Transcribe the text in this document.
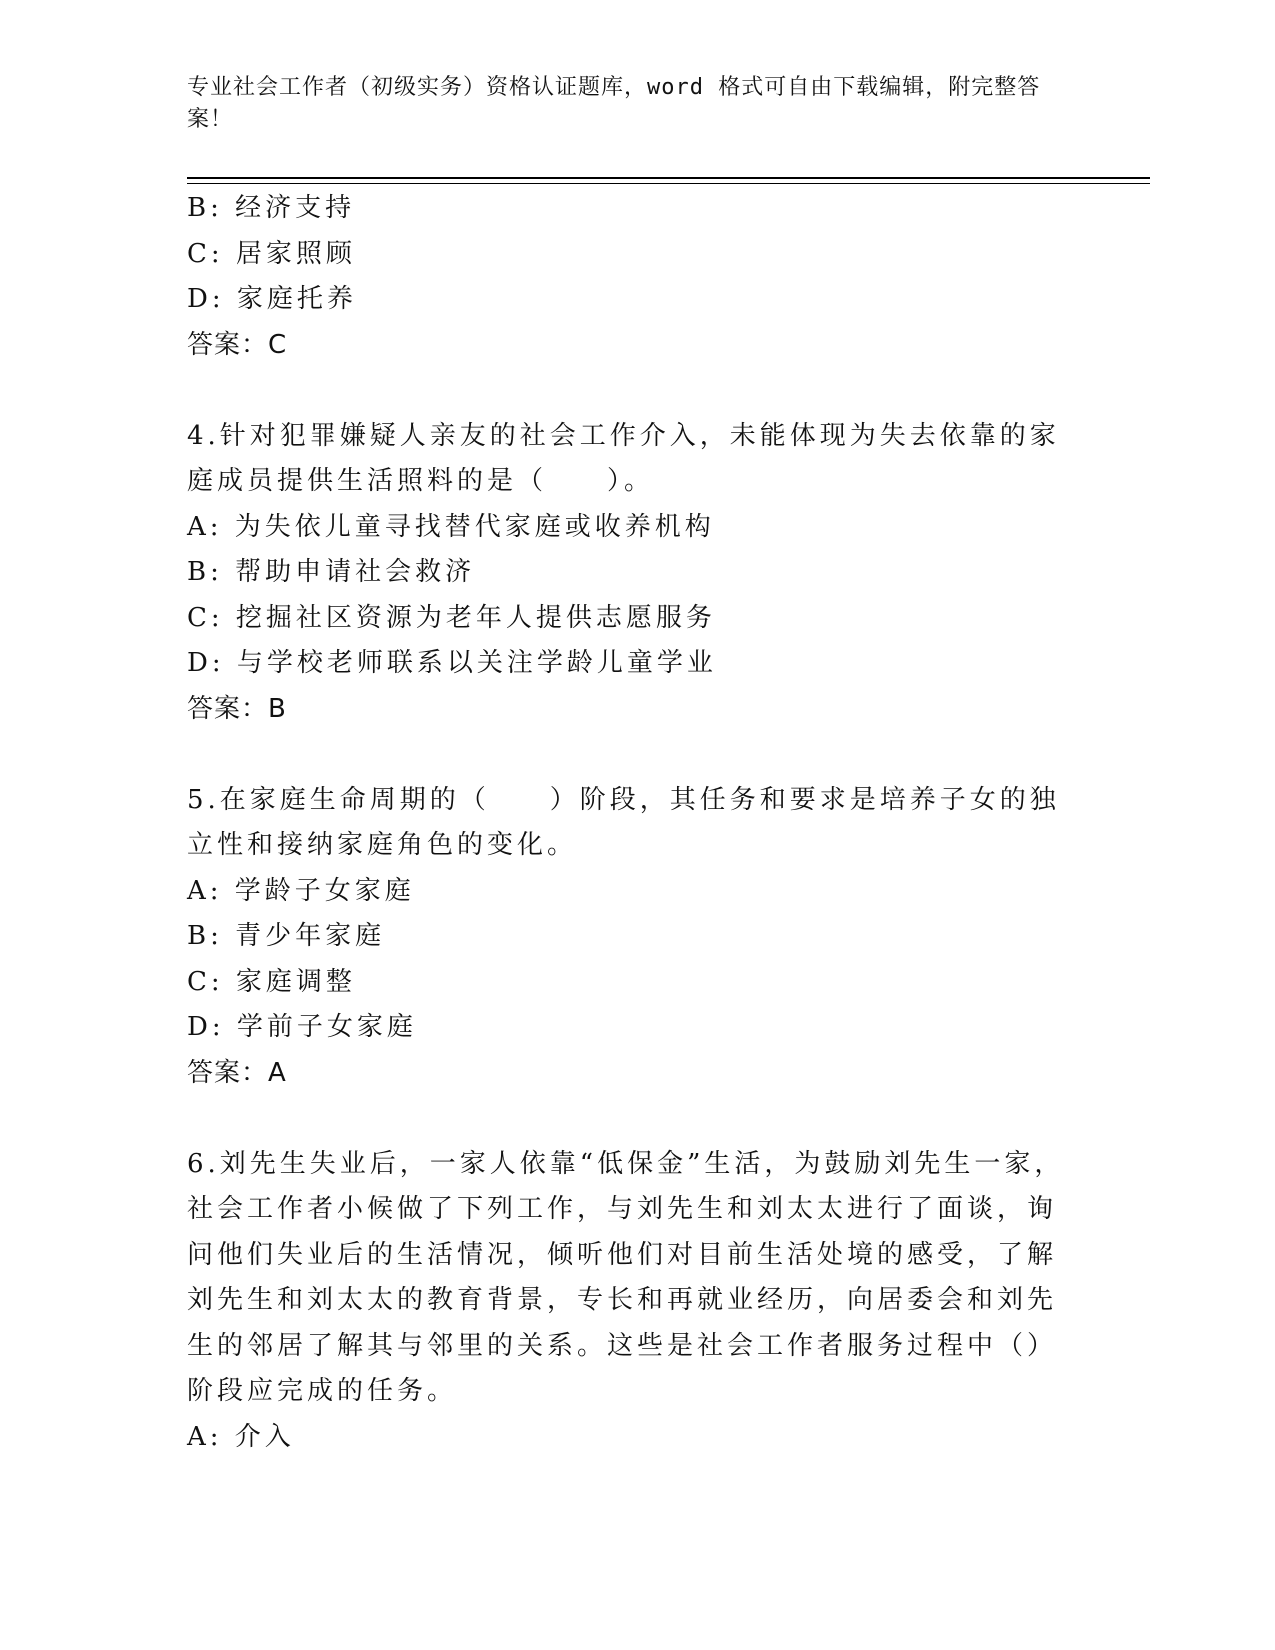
专业社会工作者（初级实务）资格认证题库，word 格式可自由下载编辑，附完整答案！
B: 经济支持
C: 居家照顾
D: 家庭托养
答案：C
4.针对犯罪嫌疑人亲友的社会工作介入，未能体现为失去依靠的家庭成员提供生活照料的是（　　）。
A: 为失依儿童寻找替代家庭或收养机构
B: 帮助申请社会救济
C: 挖掘社区资源为老年人提供志愿服务
D: 与学校老师联系以关注学龄儿童学业
答案：B
5.在家庭生命周期的（　　）阶段，其任务和要求是培养子女的独立性和接纳家庭角色的变化。
A: 学龄子女家庭
B: 青少年家庭
C: 家庭调整
D: 学前子女家庭
答案：A
6.刘先生失业后，一家人依靠“低保金”生活，为鼓励刘先生一家，社会工作者小候做了下列工作，与刘先生和刘太太进行了面谈，询问他们失业后的生活情况，倾听他们对目前生活处境的感受，了解刘先生和刘太太的教育背景，专长和再就业经历，向居委会和刘先生的邻居了解其与邻里的关系。这些是社会工作者服务过程中（）阶段应完成的任务。
A: 介入
